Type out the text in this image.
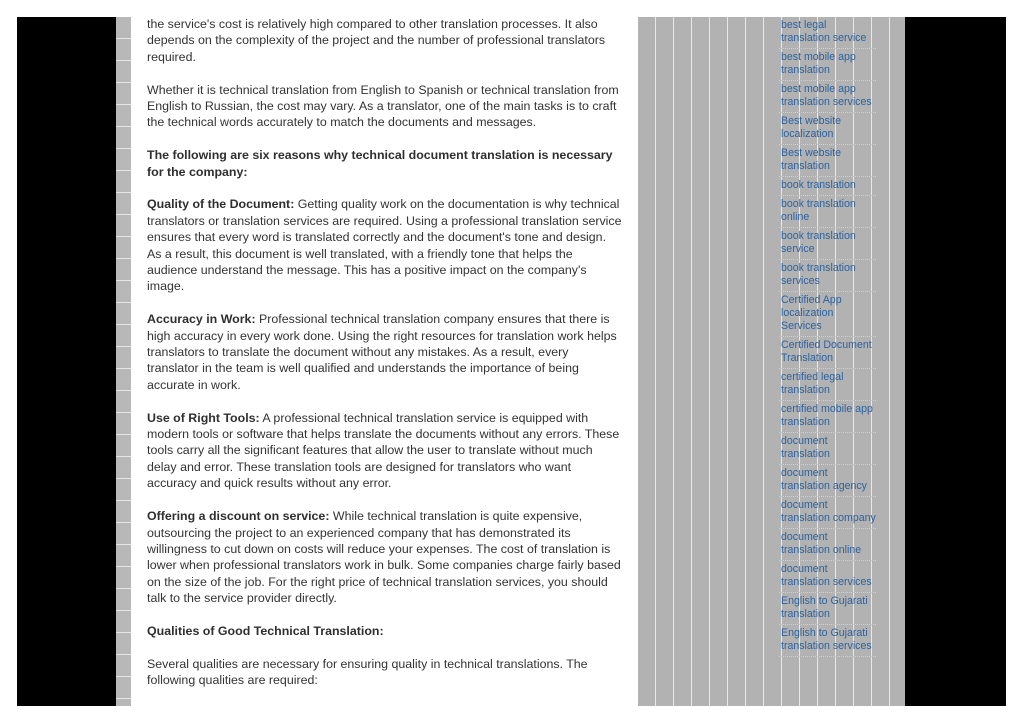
the service's cost is relatively high compared to other translation processes. It also depends on the complexity of the project and the number of professional translators required.

Whether it is technical translation from English to Spanish or technical translation from English to Russian, the cost may vary. As a translator, one of the main tasks is to craft the technical words accurately to match the documents and messages.

The following are six reasons why technical document translation is necessary for the company:

Quality of the Document: Getting quality work on the documentation is why technical translators or translation services are required. Using a professional translation service ensures that every word is translated correctly and the document's tone and design. As a result, this document is well translated, with a friendly tone that helps the audience understand the message. This has a positive impact on the company's image.

Accuracy in Work: Professional technical translation company ensures that there is high accuracy in every work done. Using the right resources for translation work helps translators to translate the document without any mistakes. As a result, every translator in the team is well qualified and understands the importance of being accurate in work.

Use of Right Tools: A professional technical translation service is equipped with modern tools or software that helps translate the documents without any errors. These tools carry all the significant features that allow the user to translate without much delay and error. These translation tools are designed for translators who want accuracy and quick results without any error.

Offering a discount on service: While technical translation is quite expensive, outsourcing the project to an experienced company that has demonstrated its willingness to cut down on costs will reduce your expenses. The cost of translation is lower when professional translators work in bulk. Some companies charge fairly based on the size of the job. For the right price of technical translation services, you should talk to the service provider directly.

Qualities of Good Technical Translation:

Several qualities are necessary for ensuring quality in technical translations. The following qualities are required:

best legal translation service
best mobile app translation
best mobile app translation services
Best website localization
Best website translation
book translation
book translation online
book translation service
book translation services
Certified App localization Services
Certified Document Translation
certified legal translation
certified mobile app translation
document translation
document translation agency
document translation company
document translation online
document translation services
English to Gujarati translation
English to Gujarati translation services
